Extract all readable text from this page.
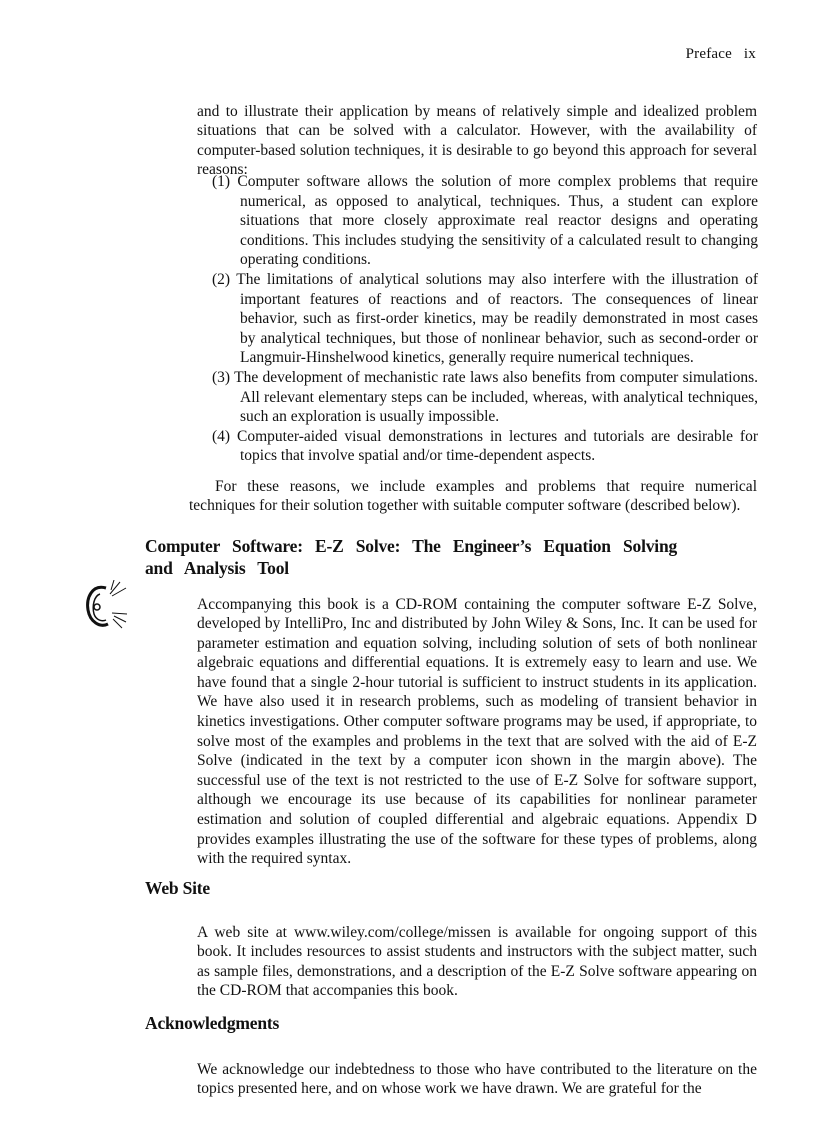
Preface ix

and to illustrate their application by means of relatively simple and idealized problem situations that can be solved with a calculator. However, with the availability of computer-based solution techniques, it is desirable to go beyond this approach for several reasons:

(1) Computer software allows the solution of more complex problems that require numerical, as opposed to analytical, techniques. Thus, a student can explore situations that more closely approximate real reactor designs and operating conditions. This includes studying the sensitivity of a calculated result to changing operating conditions.
(2) The limitations of analytical solutions may also interfere with the illustration of important features of reactions and of reactors. The consequences of linear behavior, such as first-order kinetics, may be readily demonstrated in most cases by analytical techniques, but those of nonlinear behavior, such as second-order or Langmuir-Hinshelwood kinetics, generally require numerical techniques.
(3) The development of mechanistic rate laws also benefits from computer simulations. All relevant elementary steps can be included, whereas, with analytical techniques, such an exploration is usually impossible.
(4) Computer-aided visual demonstrations in lectures and tutorials are desirable for topics that involve spatial and/or time-dependent aspects.

For these reasons, we include examples and problems that require numerical techniques for their solution together with suitable computer software (described below).

Computer Software: E-Z Solve: The Engineer’s Equation Solving and Analysis Tool

Accompanying this book is a CD-ROM containing the computer software E-Z Solve, developed by IntelliPro, Inc and distributed by John Wiley & Sons, Inc. It can be used for parameter estimation and equation solving, including solution of sets of both nonlinear algebraic equations and differential equations. It is extremely easy to learn and use. We have found that a single 2-hour tutorial is sufficient to instruct students in its application. We have also used it in research problems, such as modeling of transient behavior in kinetics investigations. Other computer software programs may be used, if appropriate, to solve most of the examples and problems in the text that are solved with the aid of E-Z Solve (indicated in the text by a computer icon shown in the margin above). The successful use of the text is not restricted to the use of E-Z Solve for software support, although we encourage its use because of its capabilities for nonlinear parameter estimation and solution of coupled differential and algebraic equations. Appendix D provides examples illustrating the use of the software for these types of problems, along with the required syntax.

Web Site

A web site at www.wiley.com/college/missen is available for ongoing support of this book. It includes resources to assist students and instructors with the subject matter, such as sample files, demonstrations, and a description of the E-Z Solve software appearing on the CD-ROM that accompanies this book.

Acknowledgments

We acknowledge our indebtedness to those who have contributed to the literature on the topics presented here, and on whose work we have drawn. We are grateful for the
